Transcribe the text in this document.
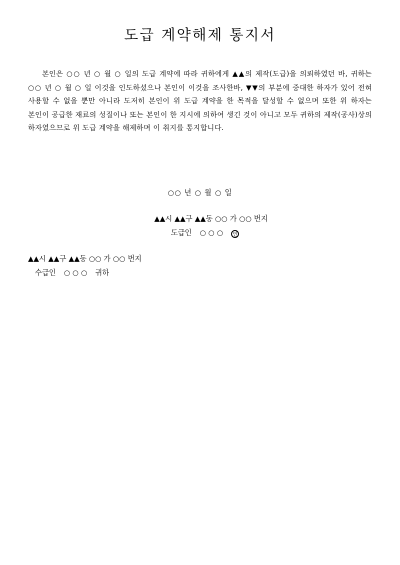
도급 계약해제 통지서

본인은 ○○ 년 ○ 월 ○ 일의 도급 계약에 따라 귀하에게 ▲▲의 제작(도급)을 의뢰하였던 바, 귀하는 ○○ 년 ○ 월 ○ 일 이것을 인도하셨으나 본인이 이것을 조사한바, ▼▼의 부분에 중대한 하자가 있어 전혀 사용할 수 없을 뿐만 아니라 도저히 본인이 위 도급 계약을 한 목적을 달성할 수 없으며 또한 위 하자는 본인이 공급한 재료의 성질이나 또는 본인이 한 지시에 의하여 생긴 것이 아니고 모두 귀하의 제작(공사)상의 하자였으므로 위 도급 계약을 해제하며 이 취지를 통지합니다.

○○ 년 ○ 월 ○ 일

▲▲시 ▲▲구 ▲▲동 ○○ 가 ○○ 번지

도급인 ○ ○ ○ 인

▲▲시 ▲▲구 ▲▲동 ○○ 가 ○○ 번지

수급인 ○ ○ ○ 귀하
